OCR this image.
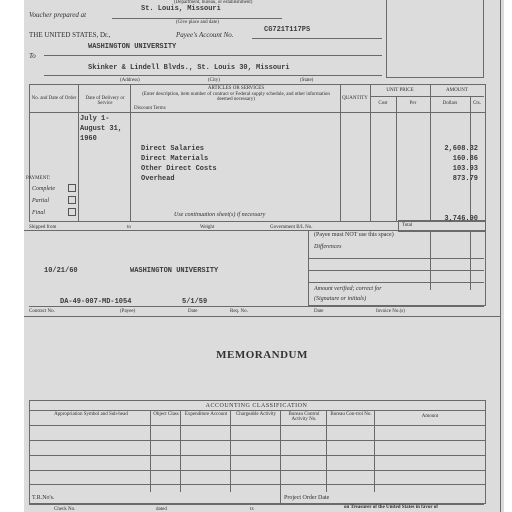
(Department, bureau, or establishment)
Voucher prepared at
St. Louis, Missouri
(Give place and date)
THE UNITED STATES, Dr.,	Payee's Account No.
CG721T117PS
To
WASHINGTON UNIVERSITY
Skinker & Lindell Blvds., St. Louis 30, Missouri
(Address)	(City)	(State)
No. and Date of Order	Date of Delivery or Service
ARTICLES OR SERVICES
(Enter description, item number of contract or Federal supply schedule, and other information deemed necessary)
Discount Terms
QUANTITY
UNIT PRICE
Cost	Per
AMOUNT
Dollars	Cts.
July 1-
August 31,
1960
Direct Salaries	2,608.32
Direct Materials	160.86
Other Direct Costs	103.93
Overhead	873.79
Use continuation sheet(s) if necessary
PAYMENT:
Complete
Partial
Final
Total
3,746.90
Shipped from	to	Weight	Government B/L No.
(Payee must NOT use this space)
Differences
Amount verified; correct for
(Signature or initials)
10/21/60	WASHINGTON UNIVERSITY
DA-49-007-MD-1054	5/1/59
Contract No.	(Payee)	Date	Req. No.	Date	Invoice No.(s)
MEMORANDUM
ACCOUNTING CLASSIFICATION
Appropriation Symbol and Sub-head	Object Class	Expenditure Account	Chargeable Activity	Bureau Control Activity No.
Bureau Con-trol No.	Amount
T.R.No's.	Project Order Date
Check No.	dated	tx	on Treasurer of the United States in favor of
